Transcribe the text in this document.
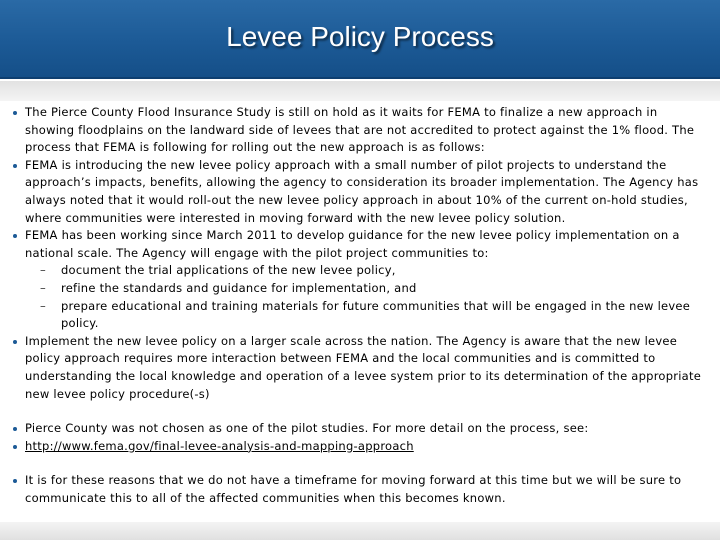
Levee Policy Process
The Pierce County Flood Insurance Study is still on hold as it waits for FEMA to finalize a new approach in showing floodplains on the landward side of levees that are not accredited to protect against the 1% flood. The process that FEMA is following for rolling out the new approach is as follows:
FEMA is introducing the new levee policy approach with a small number of pilot projects to understand the approach’s impacts, benefits, allowing the agency to consideration its broader implementation. The Agency has always noted that it would roll-out the new levee policy approach in about 10% of the current on-hold studies, where communities were interested in moving forward with the new levee policy solution.
FEMA has been working since March 2011 to develop guidance for the new levee policy implementation on a national scale. The Agency will engage with the pilot project communities to:
– document the trial applications of the new levee policy,
– refine the standards and guidance for implementation, and
– prepare educational and training materials for future communities that will be engaged in the new levee policy.
Implement the new levee policy on a larger scale across the nation. The Agency is aware that the new levee policy approach requires more interaction between FEMA and the local communities and is committed to understanding the local knowledge and operation of a levee system prior to its determination of the appropriate new levee policy procedure(-s)
Pierce County was not chosen as one of the pilot studies. For more detail on the process, see:
http://www.fema.gov/final-levee-analysis-and-mapping-approach
It is for these reasons that we do not have a timeframe for moving forward at this time but we will be sure to communicate this to all of the affected communities when this becomes known.
